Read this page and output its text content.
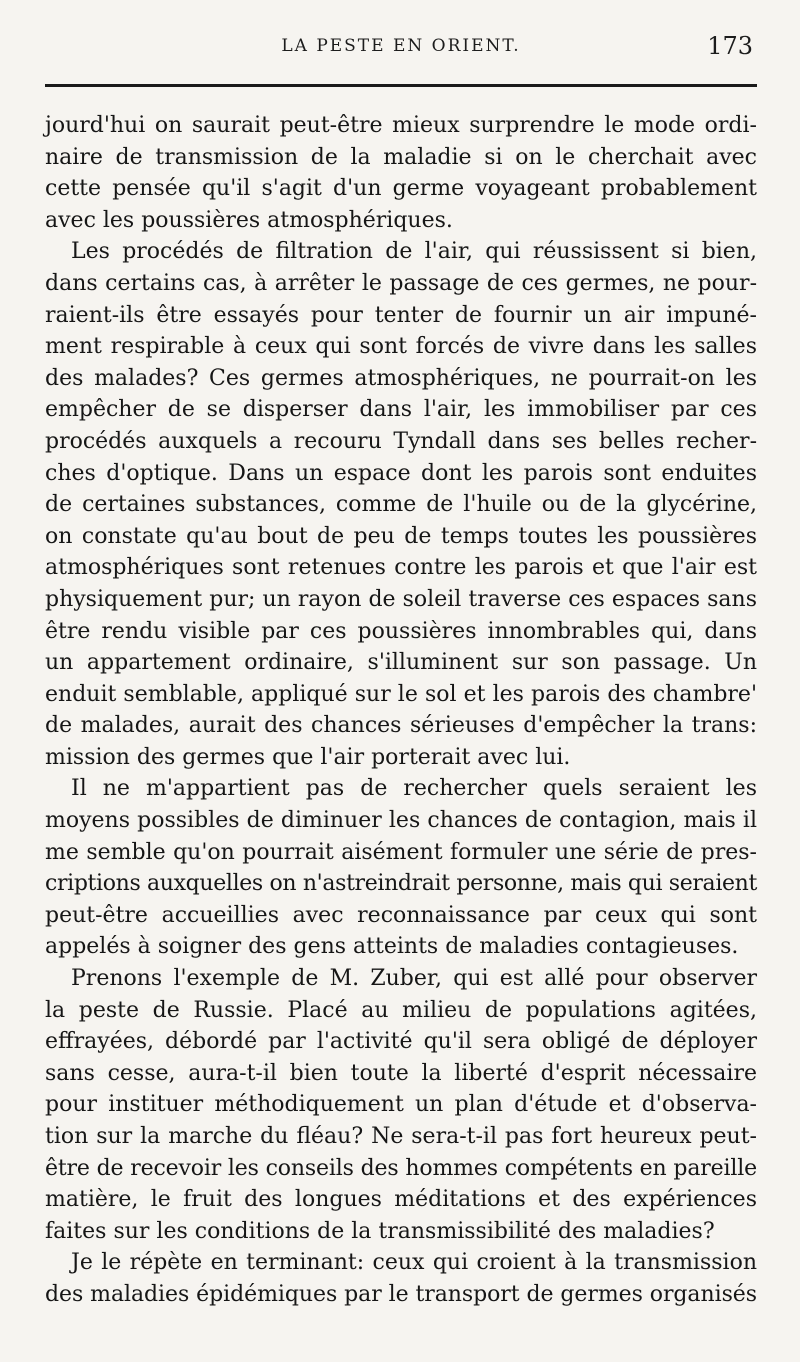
LA PESTE EN ORIENT.	173
jourd'hui on saurait peut-être mieux surprendre le mode ordi-
naire de transmission de la maladie si on le cherchait avec
cette pensée qu'il s'agit d'un germe voyageant probablement
avec les poussières atmosphériques.
Les procédés de filtration de l'air, qui réussissent si bien,
dans certains cas, à arrêter le passage de ces germes, ne pour-
raient-ils être essayés pour tenter de fournir un air impuné-
ment respirable à ceux qui sont forcés de vivre dans les salles
des malades? Ces germes atmosphériques, ne pourrait-on les
empêcher de se disperser dans l'air, les immobiliser par ces
procédés auxquels a recouru Tyndall dans ses belles recher-
ches d'optique. Dans un espace dont les parois sont enduites
de certaines substances, comme de l'huile ou de la glycérine,
on constate qu'au bout de peu de temps toutes les poussières
atmosphériques sont retenues contre les parois et que l'air est
physiquement pur; un rayon de soleil traverse ces espaces sans
être rendu visible par ces poussières innombrables qui, dans
un appartement ordinaire, s'illuminent sur son passage. Un
enduit semblable, appliqué sur le sol et les parois des chambre'
de malades, aurait des chances sérieuses d'empêcher la trans:
mission des germes que l'air porterait avec lui.
Il ne m'appartient pas de rechercher quels seraient les
moyens possibles de diminuer les chances de contagion, mais il
me semble qu'on pourrait aisément formuler une série de pres-
criptions auxquelles on n'astreindrait personne, mais qui seraient
peut-être accueillies avec reconnaissance par ceux qui sont
appelés à soigner des gens atteints de maladies contagieuses.
Prenons l'exemple de M. Zuber, qui est allé pour observer
la peste de Russie. Placé au milieu de populations agitées,
effrayées, débordé par l'activité qu'il sera obligé de déployer
sans cesse, aura-t-il bien toute la liberté d'esprit nécessaire
pour instituer méthodiquement un plan d'étude et d'observa-
tion sur la marche du fléau? Ne sera-t-il pas fort heureux peut-
être de recevoir les conseils des hommes compétents en pareille
matière, le fruit des longues méditations et des expériences
faites sur les conditions de la transmissibilité des maladies?
Je le répète en terminant: ceux qui croient à la transmission
des maladies épidémiques par le transport de germes organisés
